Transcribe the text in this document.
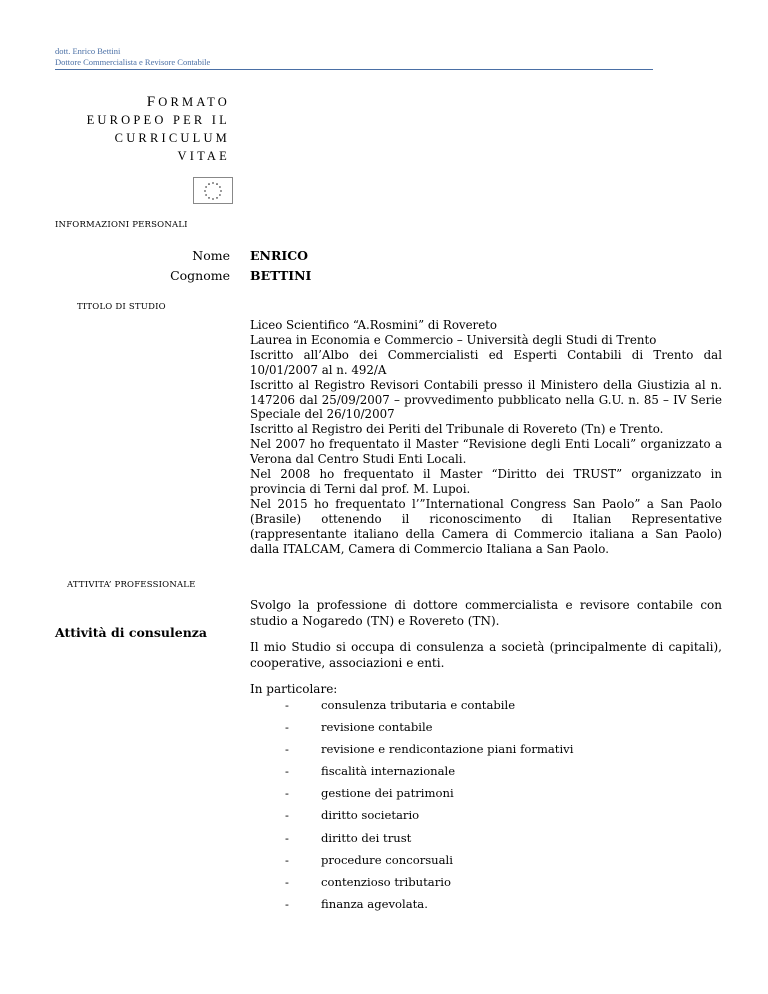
dott. Enrico Bettini
Dottore Commercialista e Revisore Contabile
FORMATO
EUROPEO PER IL
CURRICULUM
VITAE
INFORMAZIONI PERSONALI
Nome ENRICO
Cognome BETTINI
TITOLO DI STUDIO

Liceo Scientifico “A.Rosmini” di Rovereto

Laurea in Economia e Commercio – Università degli Studi di Trento

Iscritto all’Albo dei Commercialisti ed Esperti Contabili di Trento dal 10/01/2007 al n. 492/A

Iscritto al Registro Revisori Contabili presso il Ministero della Giustizia al n. 147206 dal 25/09/2007 – provvedimento pubblicato nella G.U. n. 85 – IV Serie Speciale del 26/10/2007

Iscritto al Registro dei Periti del Tribunale di Rovereto (Tn) e Trento.

Nel 2007 ho frequentato il Master “Revisione degli Enti Locali” organizzato a Verona dal Centro Studi Enti Locali.

Nel 2008 ho frequentato il Master “Diritto dei TRUST” organizzato in provincia di Terni dal prof. M. Lupoi.

Nel 2015 ho frequentato l’”International Congress San Paolo” a San Paolo (Brasile) ottenendo il riconoscimento di Italian Representative (rappresentante italiano della Camera di Commercio italiana a San Paolo) dalla ITALCAM, Camera di Commercio Italiana a San Paolo.

ATTIVITA’ PROFESSIONALE
Attività di consulenza

Svolgo la professione di dottore commercialista e revisore contabile con studio a Nogaredo (TN) e Rovereto (TN).

Il mio Studio si occupa di consulenza a società (principalmente di capitali), cooperative, associazioni e enti.

In particolare:

-	consulenza tributaria e contabile
-	revisione contabile
-	revisione e rendicontazione piani formativi
-	fiscalità internazionale
-	gestione dei patrimoni
-	diritto societario
-	diritto dei trust
-	procedure concorsuali
-	contenzioso tributario
-	finanza agevolata.
